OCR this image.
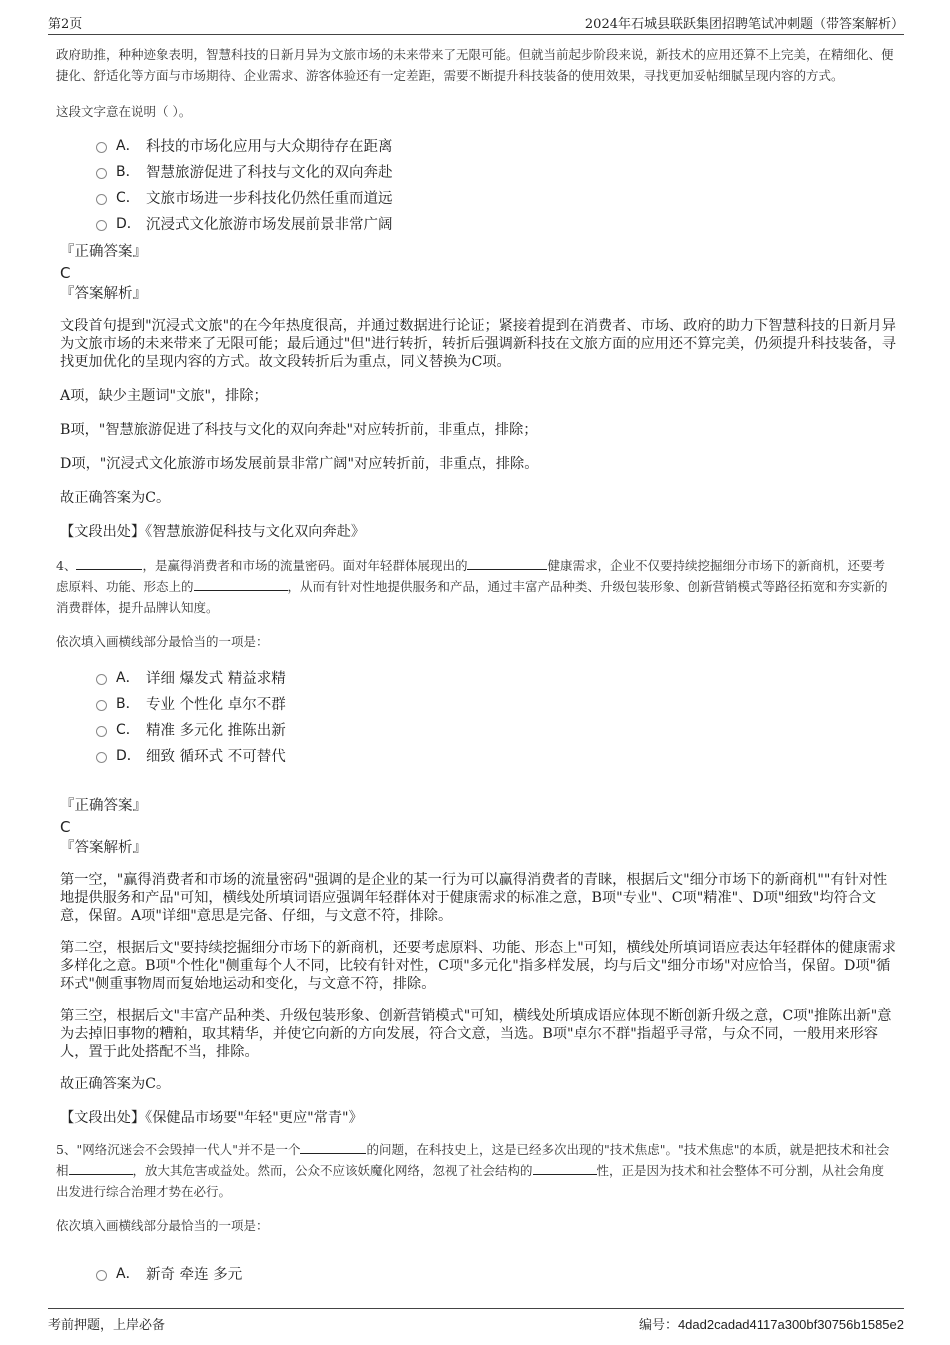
第2页	2024年石城县联跃集团招聘笔试冲刺题（带答案解析）

政府助推，种种迹象表明，智慧科技的日新月异为文旅市场的未来带来了无限可能。但就当前起步阶段来说，新技术的应用还算不上完美，在精细化、便捷化、舒适化等方面与市场期待、企业需求、游客体验还有一定差距，需要不断提升科技装备的使用效果，寻找更加妥帖细腻呈现内容的方式。

这段文字意在说明（ ）。

A． 科技的市场化应用与大众期待存在距离
B． 智慧旅游促进了科技与文化的双向奔赴
C． 文旅市场进一步科技化仍然任重而道远
D． 沉浸式文化旅游市场发展前景非常广阔

『正确答案』

C

『答案解析』

文段首句提到"沉浸式文旅"的在今年热度很高，并通过数据进行论证；紧接着提到在消费者、市场、政府的助力下智慧科技的日新月异为文旅市场的未来带来了无限可能；最后通过"但"进行转折，转折后强调新科技在文旅方面的应用还不算完美，仍须提升科技装备，寻找更加优化的呈现内容的方式。故文段转折后为重点，同义替换为C项。

A项，缺少主题词"文旅"，排除；

B项，"智慧旅游促进了科技与文化的双向奔赴"对应转折前，非重点，排除；

D项，"沉浸式文化旅游市场发展前景非常广阔"对应转折前，非重点，排除。

故正确答案为C。

【文段出处】《智慧旅游促科技与文化双向奔赴》

4、	，是赢得消费者和市场的流量密码。面对年轻群体展现出的	健康需求，企业不仅要持续挖掘细分市场下的新商机，还要考虑原料、功能、形态上的	，从而有针对性地提供服务和产品，通过丰富产品种类、升级包装形象、创新营销模式等路径拓宽和夯实新的消费群体，提升品牌认知度。

依次填入画横线部分最恰当的一项是：

A． 详细 爆发式 精益求精
B． 专业 个性化 卓尔不群
C． 精准 多元化 推陈出新
D． 细致 循环式 不可替代

『正确答案』

C

『答案解析』

第一空，"赢得消费者和市场的流量密码"强调的是企业的某一行为可以赢得消费者的青睐，根据后文"细分市场下的新商机""有针对性地提供服务和产品"可知，横线处所填词语应强调年轻群体对于健康需求的标准之意，B项"专业"、C项"精准"、D项"细致"均符合文意，保留。A项"详细"意思是完备、仔细，与文意不符，排除。

第二空，根据后文"要持续挖掘细分市场下的新商机，还要考虑原料、功能、形态上"可知，横线处所填词语应表达年轻群体的健康需求多样化之意。B项"个性化"侧重每个人不同，比较有针对性，C项"多元化"指多样发展，均与后文"细分市场"对应恰当，保留。D项"循环式"侧重事物周而复始地运动和变化，与文意不符，排除。

第三空，根据后文"丰富产品种类、升级包装形象、创新营销模式"可知，横线处所填成语应体现不断创新升级之意，C项"推陈出新"意为去掉旧事物的糟粕，取其精华，并使它向新的方向发展，符合文意，当选。B项"卓尔不群"指超乎寻常，与众不同，一般用来形容人，置于此处搭配不当，排除。

故正确答案为C。

【文段出处】《保健品市场要"年轻"更应"常青"》

5、"网络沉迷会不会毁掉一代人"并不是一个	的问题，在科技史上，这是已经多次出现的"技术焦虑"。"技术焦虑"的本质，就是把技术和社会相	，放大其危害或益处。然而，公众不应该妖魔化网络，忽视了社会结构的	性，正是因为技术和社会整体不可分割，从社会角度出发进行综合治理才势在必行。

依次填入画横线部分最恰当的一项是：

A． 新奇 牵连 多元
考前押题，上岸必备	编号：4dad2cadad4117a300bf30756b1585e2
